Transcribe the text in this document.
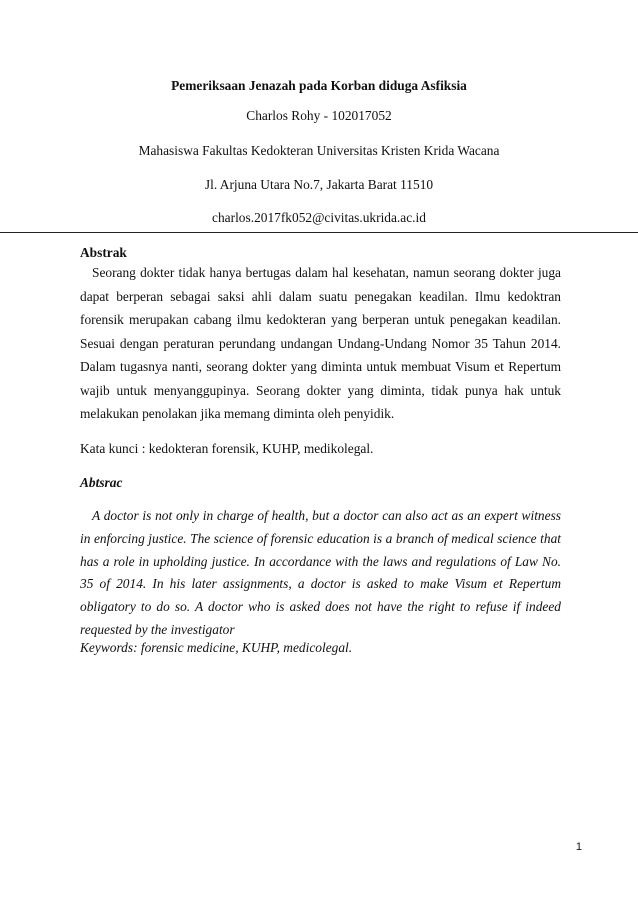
Pemeriksaan Jenazah pada Korban diduga Asfiksia
Charlos Rohy - 102017052
Mahasiswa Fakultas Kedokteran Universitas Kristen Krida Wacana
Jl. Arjuna Utara No.7, Jakarta Barat 11510
charlos.2017fk052@civitas.ukrida.ac.id
Abstrak
Seorang dokter tidak hanya bertugas dalam hal kesehatan, namun seorang dokter juga dapat berperan sebagai saksi ahli dalam suatu penegakan keadilan. Ilmu kedoktran forensik merupakan cabang ilmu kedokteran yang berperan untuk penegakan keadilan. Sesuai dengan peraturan perundang undangan Undang-Undang Nomor 35 Tahun 2014. Dalam tugasnya nanti, seorang dokter yang diminta untuk membuat Visum et Repertum wajib untuk menyanggupinya. Seorang dokter yang diminta, tidak punya hak untuk melakukan penolakan jika memang diminta oleh penyidik.
Kata kunci : kedokteran forensik, KUHP, medikolegal.
Abtsrac
A doctor is not only in charge of health, but a doctor can also act as an expert witness in enforcing justice. The science of forensic education is a branch of medical science that has a role in upholding justice. In accordance with the laws and regulations of Law No. 35 of 2014. In his later assignments, a doctor is asked to make Visum et Repertum obligatory to do so. A doctor who is asked does not have the right to refuse if indeed requested by the investigator
Keywords: forensic medicine, KUHP, medicolegal.
1
